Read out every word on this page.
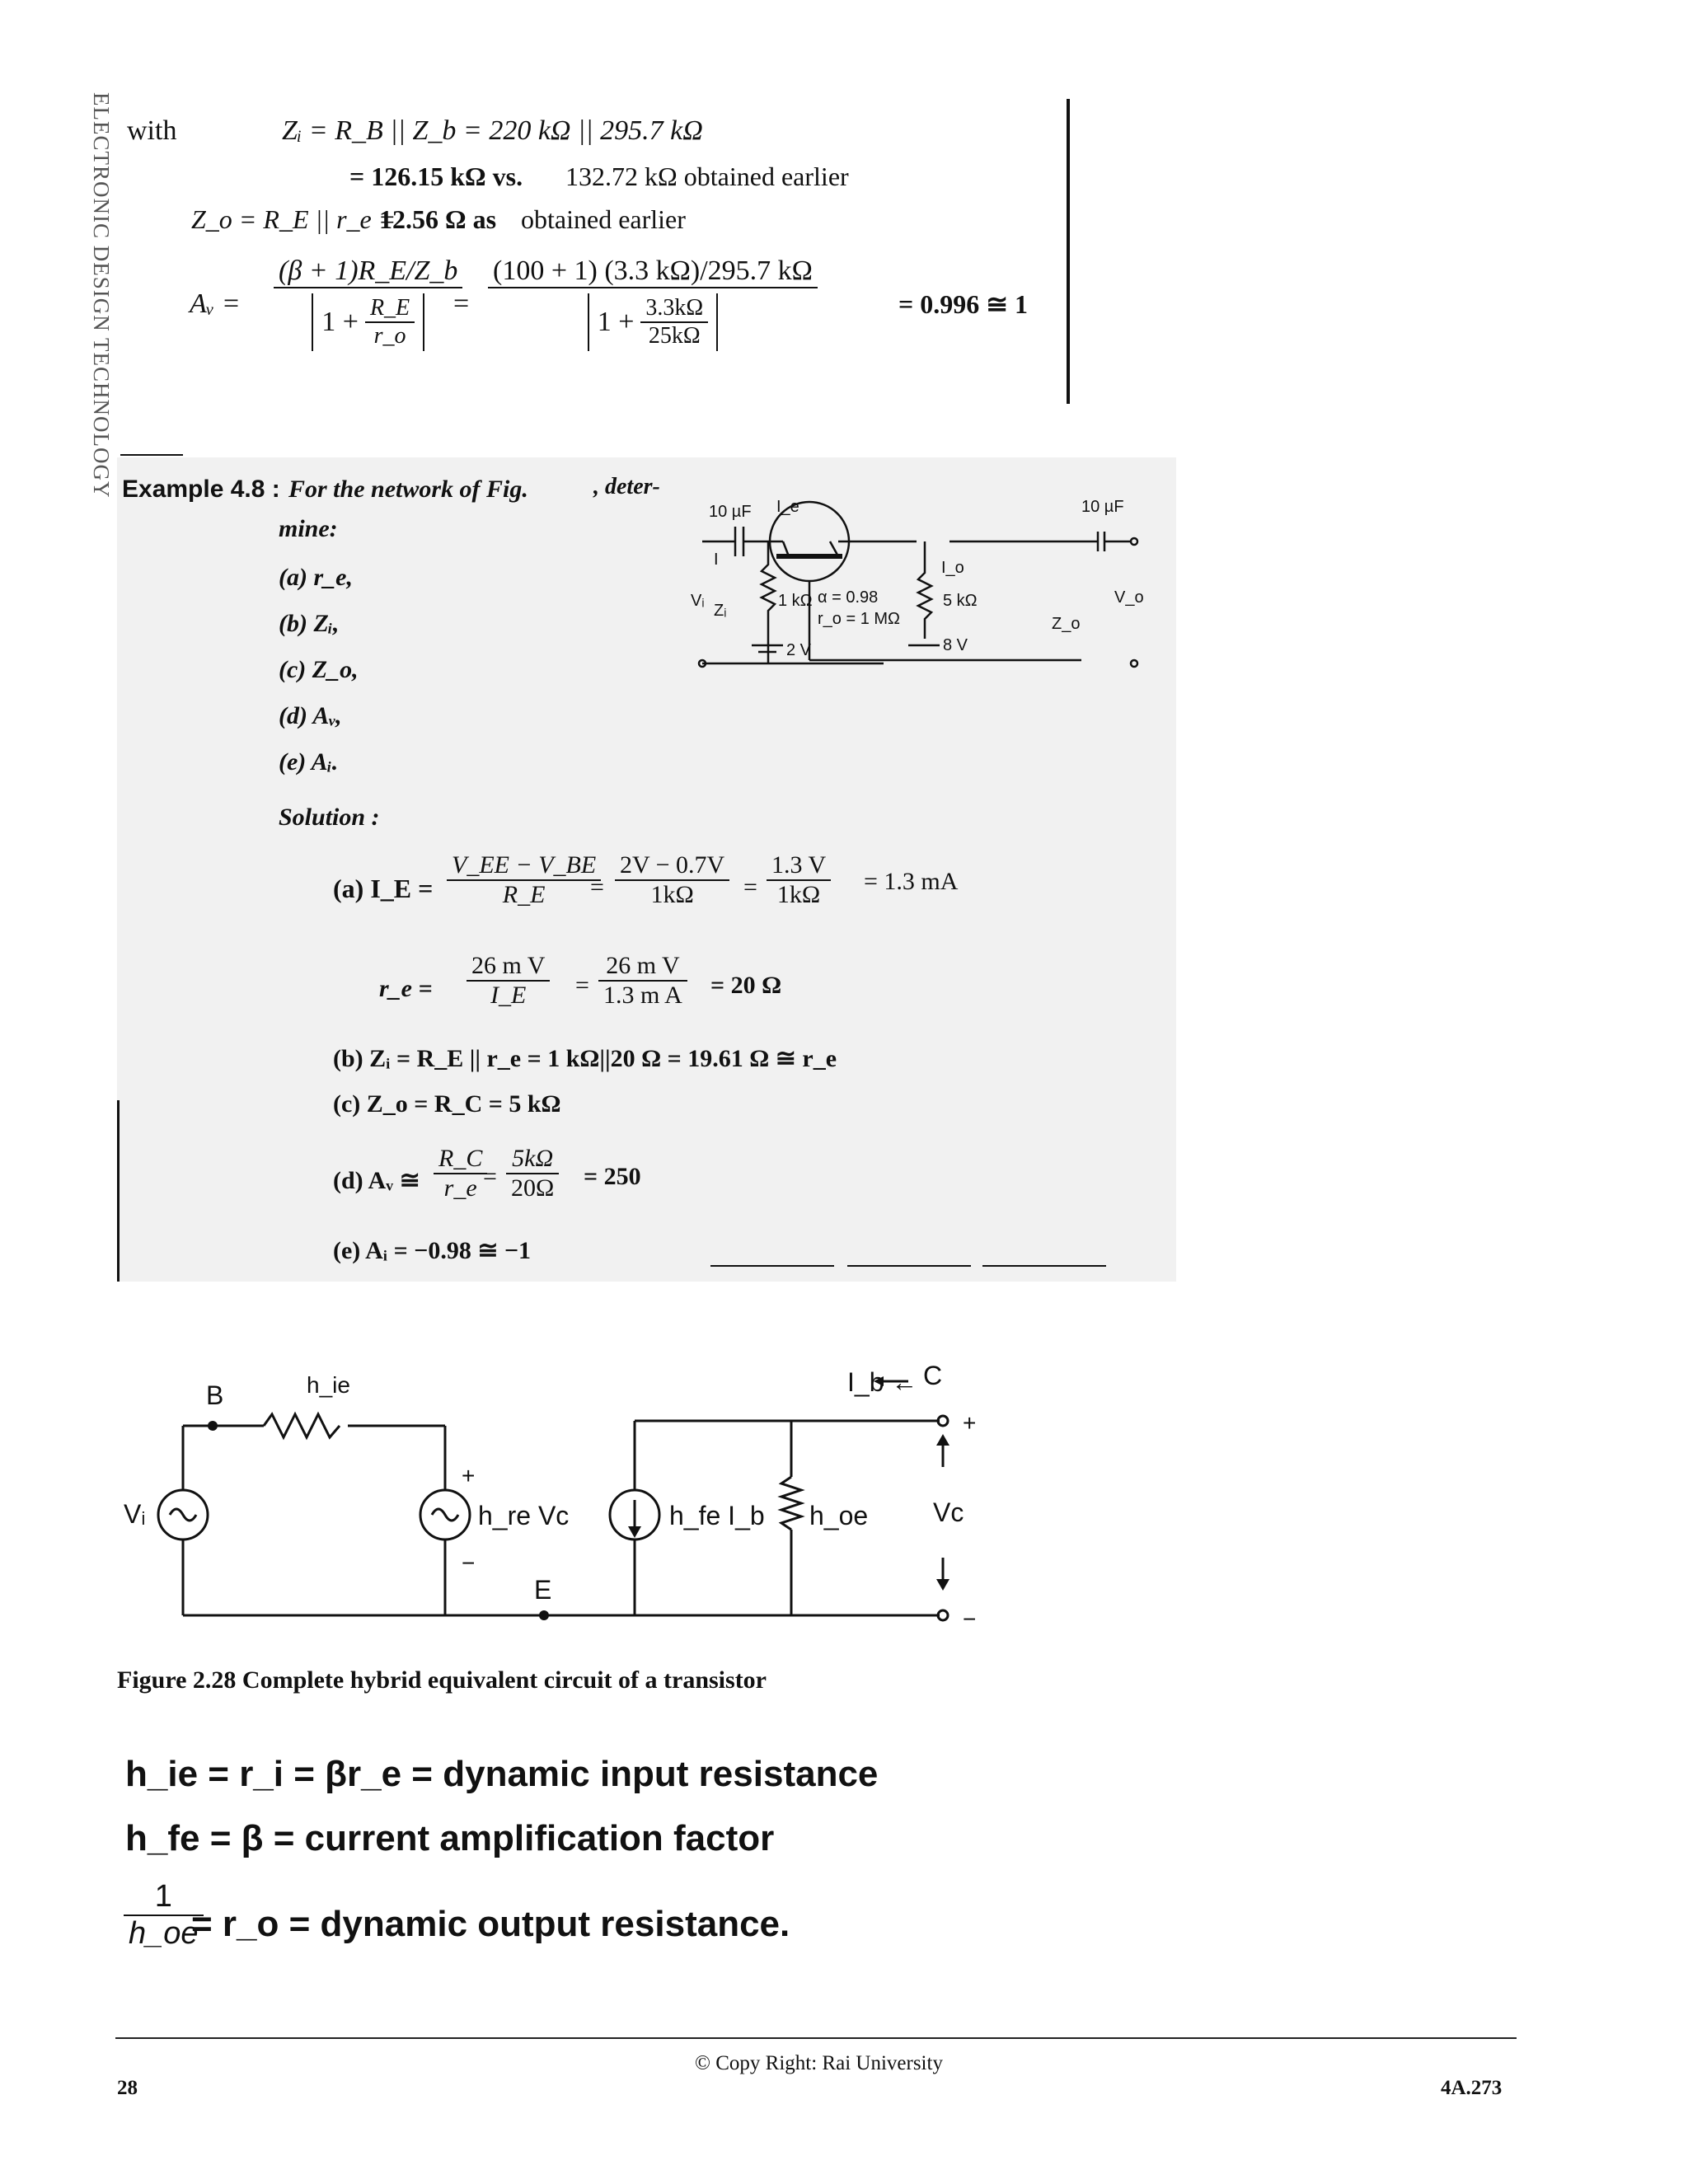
ELECTRONIC DESIGN TECHNOLOGY with	Zᵢ = R_B || Z_b = 220 kΩ || 295.7 kΩ
= 126.15 kΩ vs. 132.72 kΩ obtained earlier
Z_o = R_E || r_e =
12.56 Ω as obtained earlier
Aᵥ =
(β + 1)R_E/Z_b
$1 + \frac{R\_E}{r\_o}$ =
(100 + 1) (3.3 kΩ)/295.7 kΩ
$1 + \frac{3.3k\Omega}{25k\Omega}$	= 0.996 ≅ 1
Example 4.8 : For the network of Fig.	, deter-
mine:
(a) r_e,
(b) Zᵢ,
(c) Z_o,
(d) Aᵥ,
(e) Aᵢ.
Solution :
10 µF I_e	10 µF
I	I_o
Vᵢ
Zᵢ
1 kΩ α = 0.98
r_o = 1 MΩ
5 kΩ
Z_o
V_o
2 V	8 V
(a) I_E =
V_EE − V_BE
R_E =
2V − 0.7V
1kΩ =
1.3 V
1kΩ = 1.3 mA
r_e =
26 m V
I_E =
26 m V
1.3 m A = 20 Ω
(b) Zᵢ = R_E || r_e = 1 kΩ||20 Ω = 19.61 Ω ≅ r_e
(c) Z_o = R_C = 5 kΩ
(d) Aᵥ ≅
R_C
r_e =
5kΩ
20Ω = 250
(e) Aᵢ = −0.98 ≅ −1
B	h_ie	C
I_b ←
Vᵢ	h_re Vc	h_fe I_b h_oe Vc
E
+
−
+
−
Figure 2.28 Complete hybrid equivalent circuit of a transistor
h_ie = r_i = βr_e = dynamic input resistance
h_fe = β = current amplification factor
1
h_oe
= r_o = dynamic output resistance.
© Copy Right: Rai University
28	4A.273
